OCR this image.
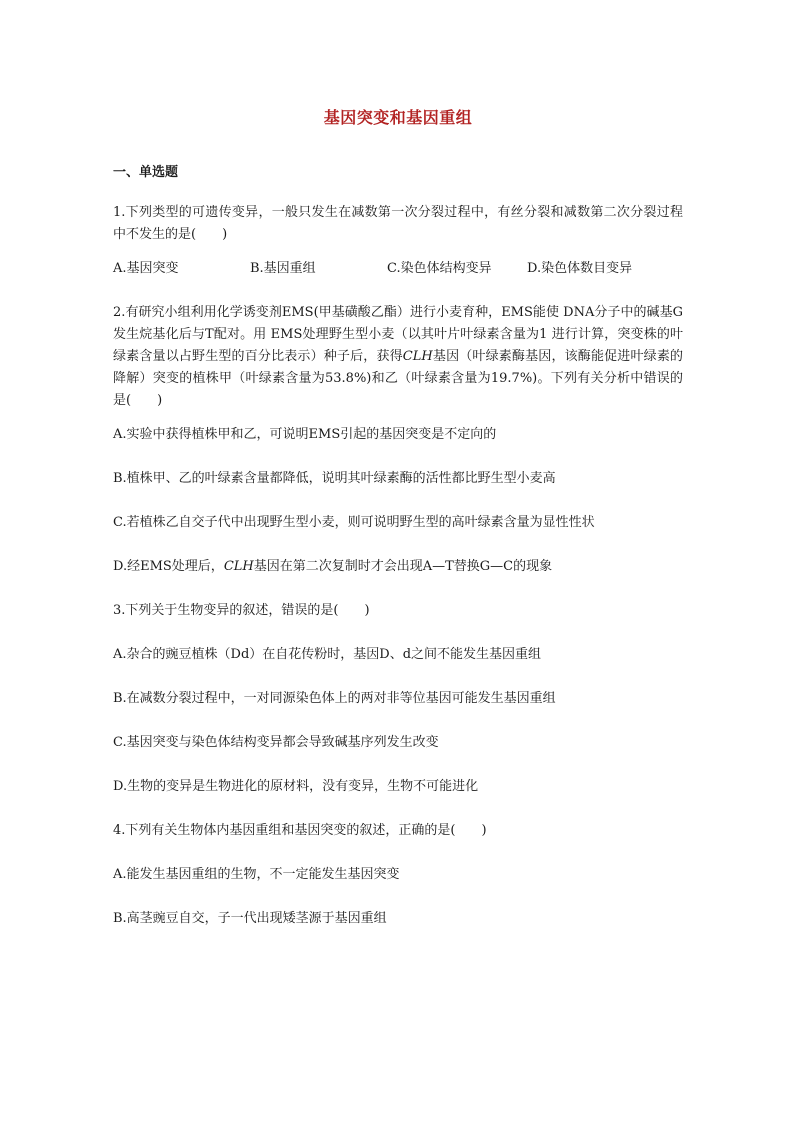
基因突变和基因重组
一、单选题

1.下列类型的可遗传变异，一般只发生在减数第一次分裂过程中，有丝分裂和减数第二次分裂过程中不发生的是(　　)

A.基因突变	B.基因重组	C.染色体结构变异	D.染色体数目变异

2.有研究小组利用化学诱变剂EMS(甲基磺酸乙酯）进行小麦育种，EMS能使 DNA分子中的碱基G发生烷基化后与T配对。用 EMS处理野生型小麦（以其叶片叶绿素含量为1 进行计算，突变株的叶绿素含量以占野生型的百分比表示）种子后，获得CLH基因（叶绿素酶基因，该酶能促进叶绿素的降解）突变的植株甲（叶绿素含量为53.8%)和乙（叶绿素含量为19.7%)。下列有关分析中错误的是(　　)

A.实验中获得植株甲和乙，可说明EMS引起的基因突变是不定向的
B.植株甲、乙的叶绿素含量都降低，说明其叶绿素酶的活性都比野生型小麦高
C.若植株乙自交子代中出现野生型小麦，则可说明野生型的高叶绿素含量为显性性状
D.经EMS处理后，CLH基因在第二次复制时才会出现A—T替换G—C的现象
3.下列关于生物变异的叙述，错误的是(　　)
A.杂合的豌豆植株（Dd）在自花传粉时，基因D、d之间不能发生基因重组
B.在减数分裂过程中，一对同源染色体上的两对非等位基因可能发生基因重组
C.基因突变与染色体结构变异都会导致碱基序列发生改变
D.生物的变异是生物进化的原材料，没有变异，生物不可能进化
4.下列有关生物体内基因重组和基因突变的叙述，正确的是(　　)
A.能发生基因重组的生物，不一定能发生基因突变
B.高茎豌豆自交，子一代出现矮茎源于基因重组
